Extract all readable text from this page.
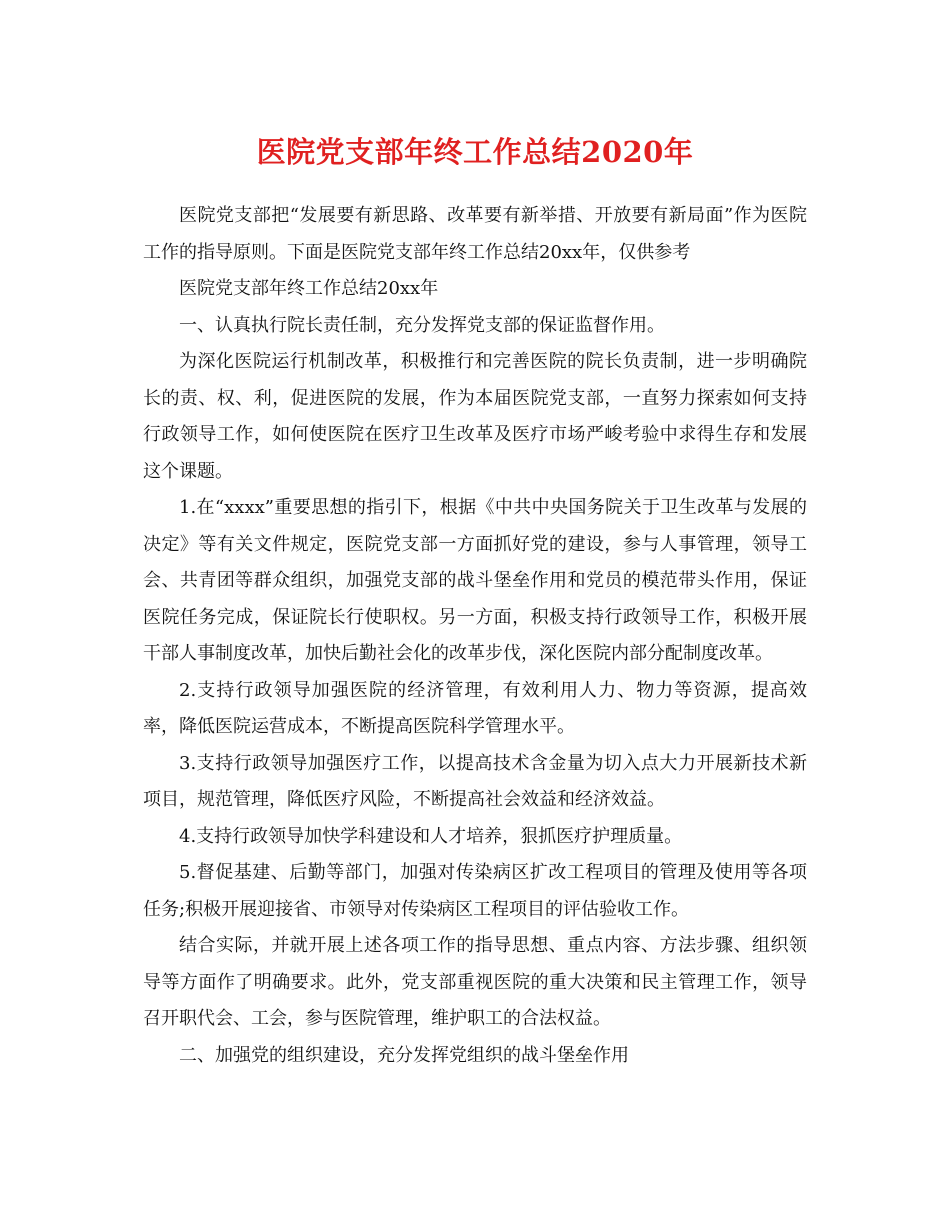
医院党支部年终工作总结2020年

医院党支部把“发展要有新思路、改革要有新举措、开放要有新局面”作为医院工作的指导原则。下面是医院党支部年终工作总结20xx年，仅供参考

医院党支部年终工作总结20xx年

一、认真执行院长责任制，充分发挥党支部的保证监督作用。

为深化医院运行机制改革，积极推行和完善医院的院长负责制，进一步明确院长的责、权、利，促进医院的发展，作为本届医院党支部，一直努力探索如何支持行政领导工作，如何使医院在医疗卫生改革及医疗市场严峻考验中求得生存和发展这个课题。

1.在“xxxx”重要思想的指引下，根据《中共中央国务院关于卫生改革与发展的决定》等有关文件规定，医院党支部一方面抓好党的建设，参与人事管理，领导工会、共青团等群众组织，加强党支部的战斗堡垒作用和党员的模范带头作用，保证医院任务完成，保证院长行使职权。另一方面，积极支持行政领导工作，积极开展干部人事制度改革，加快后勤社会化的改革步伐，深化医院内部分配制度改革。

2.支持行政领导加强医院的经济管理，有效利用人力、物力等资源，提高效率，降低医院运营成本，不断提高医院科学管理水平。

3.支持行政领导加强医疗工作，以提高技术含金量为切入点大力开展新技术新项目，规范管理，降低医疗风险，不断提高社会效益和经济效益。

4.支持行政领导加快学科建设和人才培养，狠抓医疗护理质量。

5.督促基建、后勤等部门，加强对传染病区扩改工程项目的管理及使用等各项任务;积极开展迎接省、市领导对传染病区工程项目的评估验收工作。

结合实际，并就开展上述各项工作的指导思想、重点内容、方法步骤、组织领导等方面作了明确要求。此外，党支部重视医院的重大决策和民主管理工作，领导召开职代会、工会，参与医院管理，维护职工的合法权益。

二、加强党的组织建设，充分发挥党组织的战斗堡垒作用
